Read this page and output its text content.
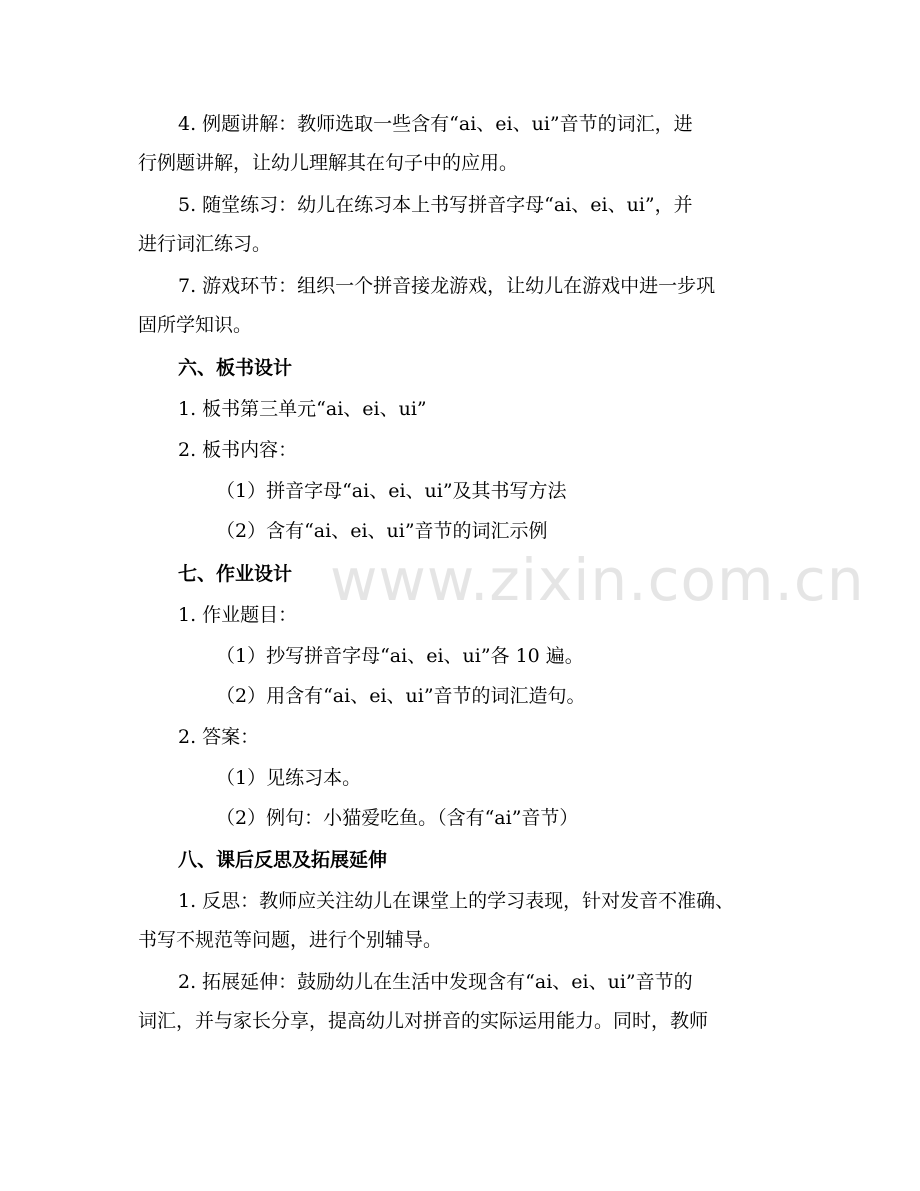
www.zixin.com.cn
4. 例题讲解：教师选取一些含有“ai、ei、ui”音节的词汇，进
行例题讲解，让幼儿理解其在句子中的应用。
5. 随堂练习：幼儿在练习本上书写拼音字母“ai、ei、ui”，并
进行词汇练习。
7. 游戏环节：组织一个拼音接龙游戏，让幼儿在游戏中进一步巩
固所学知识。
六、板书设计
1. 板书第三单元“ai、ei、ui”
2. 板书内容：
（1）拼音字母“ai、ei、ui”及其书写方法
（2）含有“ai、ei、ui”音节的词汇示例
七、作业设计
1. 作业题目：
（1）抄写拼音字母“ai、ei、ui”各 10 遍。
（2）用含有“ai、ei、ui”音节的词汇造句。
2. 答案：
（1）见练习本。
（2）例句：小猫爱吃鱼。（含有“ai”音节）
八、课后反思及拓展延伸
1. 反思：教师应关注幼儿在课堂上的学习表现，针对发音不准确、
书写不规范等问题，进行个别辅导。
2. 拓展延伸：鼓励幼儿在生活中发现含有“ai、ei、ui”音节的
词汇，并与家长分享，提高幼儿对拼音的实际运用能力。同时，教师
